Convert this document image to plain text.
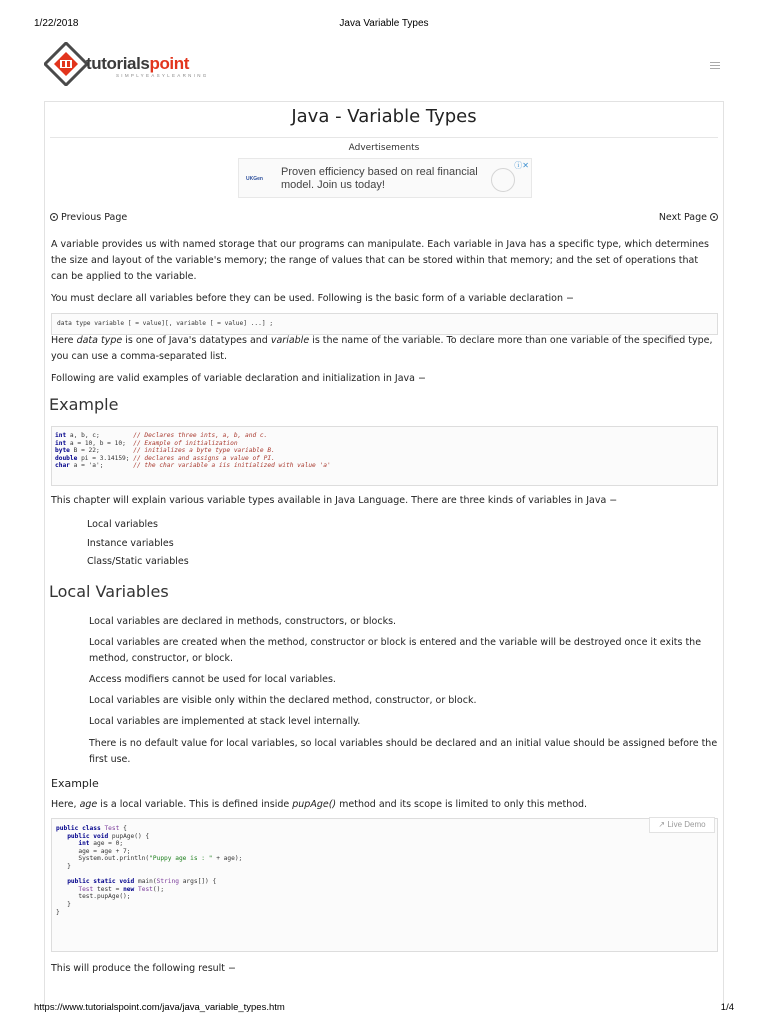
1/22/2018	Java Variable Types
tutorialspoint
SIMPLYEASYLEARNING
Java - Variable Types
Advertisements
UKGen
Proven efficiency based on real financial model. Join us today!
ⓘ✕
Previous Page	Next Page

A variable provides us with named storage that our programs can manipulate. Each variable in Java has a specific type, which determines the size and layout of the variable's memory; the range of values that can be stored within that memory; and the set of operations that can be applied to the variable.

You must declare all variables before they can be used. Following is the basic form of a variable declaration −

data type variable [ = value][, variable [ = value] ...] ;

Here data type is one of Java's datatypes and variable is the name of the variable. To declare more than one variable of the specified type, you can use a comma-separated list.

Following are valid examples of variable declaration and initialization in Java −

Example
int a, b, c;         // Declares three ints, a, b, and c.
int a = 10, b = 10;  // Example of initialization
byte B = 22;         // initializes a byte type variable B.
double pi = 3.14159; // declares and assigns a value of PI.
char a = 'a';        // the char variable a iis initialized with value 'a'

This chapter will explain various variable types available in Java Language. There are three kinds of variables in Java −

Local variables
Instance variables
Class/Static variables
Local Variables
Local variables are declared in methods, constructors, or blocks.
Local variables are created when the method, constructor or block is entered and the variable will be destroyed once it exits the method, constructor, or block.
Access modifiers cannot be used for local variables.
Local variables are visible only within the declared method, constructor, or block.
Local variables are implemented at stack level internally.
There is no default value for local variables, so local variables should be declared and an initial value should be assigned before the first use.
Example

Here, age is a local variable. This is defined inside pupAge() method and its scope is limited to only this method.

↗ Live Demo
public class Test {
public void pupAge() {
int age = 0;
age = age + 7;
System.out.println("Puppy age is : " + age);
}

public static void main(String args[]) {
Test test = new Test();
test.pupAge();
}
}

This will produce the following result −

https://www.tutorialspoint.com/java/java_variable_types.htm	1/4
